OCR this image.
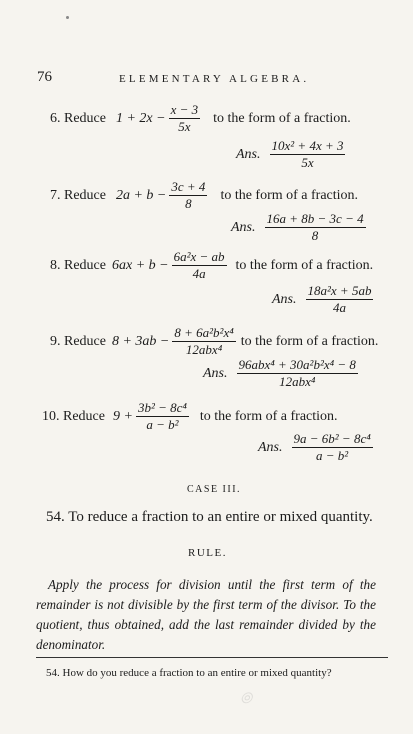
76	ELEMENTARY ALGEBRA.
6. Reduce $1 + 2x - \frac{x - 3}{5x}$ to the form of a fraction.
Ans. $\frac{\text{10x² + 4x + 3}}{5x}$
7. Reduce $2a + b - \frac{3c + 4}{8}$ to the form of a fraction.
Ans. $\frac{16a + 8b - 3c - 4}{8}$
8. Reduce $6ax + b - \frac{\text{6a²x − ab}}{4a}$ to the form of a fraction.
Ans. $\frac{\text{18a²x + 5ab}}{4a}$
9. Reduce $8 + 3ab - \frac{\text{8 + 6a²b²x⁴}}{\text{12abx⁴}}$ to the form of a fraction.
Ans. $\frac{\text{96abx⁴ + 30a²b²x⁴ − 8}}{\text{12abx⁴}}$
10. Reduce $9 + \frac{\text{3b² − 8c⁴}}{\text{a − b²}}$ to the form of a fraction.
Ans. $\frac{\text{9a − 6b² − 8c⁴}}{\text{a − b²}}$
CASE III.
54. To reduce a fraction to an entire or mixed quantity.
RULE.
Apply the process for division until the first term of the remainder is not divisible by the first term of the divisor. To the quotient, thus obtained, add the last remainder divided by the denominator.
54. How do you reduce a fraction to an entire or mixed quantity?
⦾
